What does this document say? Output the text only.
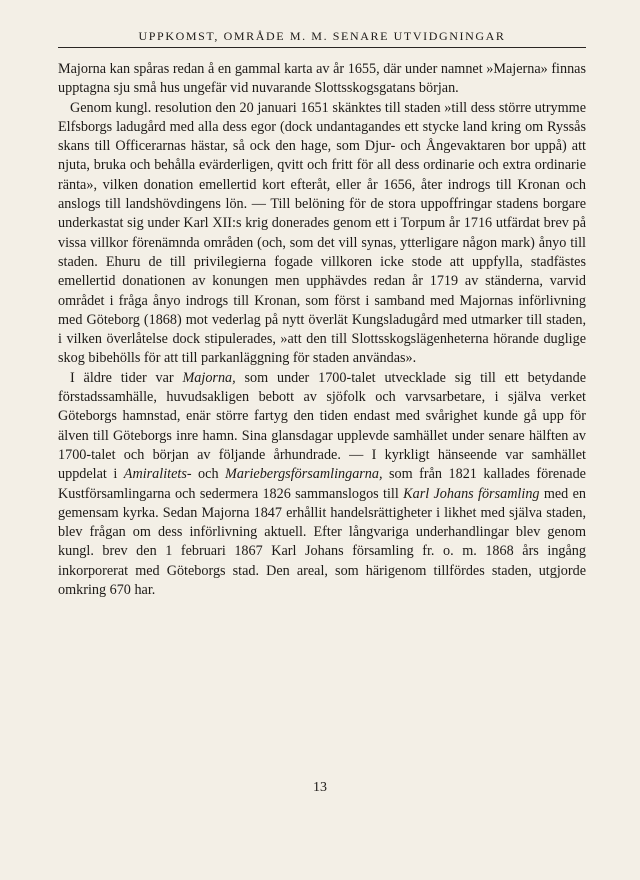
UPPKOMST, OMRÅDE M. M. SENARE UTVIDGNINGAR

Majorna kan spåras redan å en gammal karta av år 1655, där under namnet »Majerna» finnas upptagna sju små hus ungefär vid nuvarande Slottsskogsgatans början.

Genom kungl. resolution den 20 januari 1651 skänktes till staden »till dess större utrymme Elfsborgs ladugård med alla dess egor (dock undantagandes ett stycke land kring om Ryssås skans till Officerarnas hästar, så ock den hage, som Djur- och Ångevaktaren bor uppå) att njuta, bruka och behålla evärderligen, qvitt och fritt för all dess ordinarie och extra ordinarie ränta», vilken donation emellertid kort efteråt, eller år 1656, åter indrogs till Kronan och anslogs till landshövdingens lön. — Till belöning för de stora uppoffringar stadens borgare underkastat sig under Karl XII:s krig donerades genom ett i Torpum år 1716 utfärdat brev på vissa villkor förenämnda områden (och, som det vill synas, ytterligare någon mark) ånyo till staden. Ehuru de till privilegierna fogade villkoren icke stode att uppfylla, stadfästes emellertid donationen av konungen men upphävdes redan år 1719 av ständerna, varvid området i fråga ånyo indrogs till Kronan, som först i samband med Majornas införlivning med Göteborg (1868) mot vederlag på nytt överlät Kungsladugård med utmarker till staden, i vilken överlåtelse dock stipulerades, »att den till Slottsskogslägenheterna hörande duglige skog bibehölls för att till parkanläggning för staden användas».

I äldre tider var Majorna, som under 1700-talet utvecklade sig till ett betydande förstadssamhälle, huvudsakligen bebott av sjöfolk och varvsarbetare, i själva verket Göteborgs hamnstad, enär större fartyg den tiden endast med svårighet kunde gå upp för älven till Göteborgs inre hamn. Sina glansdagar upplevde samhället under senare hälften av 1700-talet och början av följande århundrade. — I kyrkligt hänseende var samhället uppdelat i Amiralitets- och Mariebergsförsamlingarna, som från 1821 kallades förenade Kustförsamlingarna och sedermera 1826 sammanslogos till Karl Johans församling med en gemensam kyrka. Sedan Majorna 1847 erhållit handelsrättigheter i likhet med själva staden, blev frågan om dess införlivning aktuell. Efter långvariga underhandlingar blev genom kungl. brev den 1 februari 1867 Karl Johans församling fr. o. m. 1868 års ingång inkorporerat med Göteborgs stad. Den areal, som härigenom tillfördes staden, utgjorde omkring 670 har.

13
